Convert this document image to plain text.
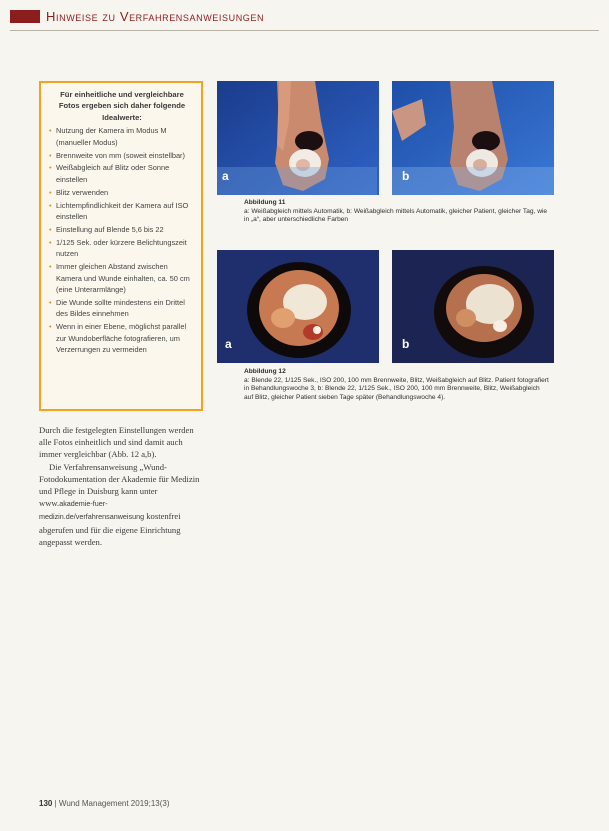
Hinweise zu Verfahrensanweisungen
Für einheitliche und vergleichbare Fotos ergeben sich daher folgende Idealwerte:
• Nutzung der Kamera im Modus M (manueller Modus)
• Brennweite von mm (soweit einstellbar)
• Weißabgleich auf Blitz oder Sonne einstellen
• Blitz verwenden
• Lichtempfindlichkeit der Kamera auf ISO einstellen
• Einstellung auf Blende 5,6 bis 22
• 1/125 Sek. oder kürzere Belichtungszeit nutzen
• Immer gleichen Abstand zwischen Kamera und Wunde einhalten, ca. 50 cm (eine Unterarmlänge)
• Die Wunde sollte mindestens ein Drittel des Bildes einnehmen
• Wenn in einer Ebene, möglichst parallel zur Wundoberfläche fotografieren, um Verzerrungen zu vermeiden

Durch die festgelegten Einstellungen werden alle Fotos einheitlich und sind damit auch immer vergleichbar (Abb. 12 a,b).

Die Verfahrensanweisung „Wund-Fotodokumentation der Akademie für Medizin und Pflege in Duisburg kann unter www.akademie-fuer-medizin.de/verfahrensanweisung kostenfrei abgerufen und für die eigene Einrichtung angepasst werden.

a	b
Abbildung 11
a: Weißabgleich mittels Automatik, b: Weißabgleich mittels Automatik, gleicher Patient, gleicher Tag, wie in „a“, aber unterschiedliche Farben
a	b
Abbildung 12
a: Blende 22, 1/125 Sek., ISO 200, 100 mm Brennweite, Blitz, Weißabgleich auf Blitz. Patient fotografiert in Behandlungswoche 3, b: Blende 22, 1/125 Sek., ISO 200, 100 mm Brennweite, Blitz, Weißabgleich auf Blitz, gleicher Patient sieben Tage später (Behandlungswoche 4).
130 | Wund Management 2019;13(3)
